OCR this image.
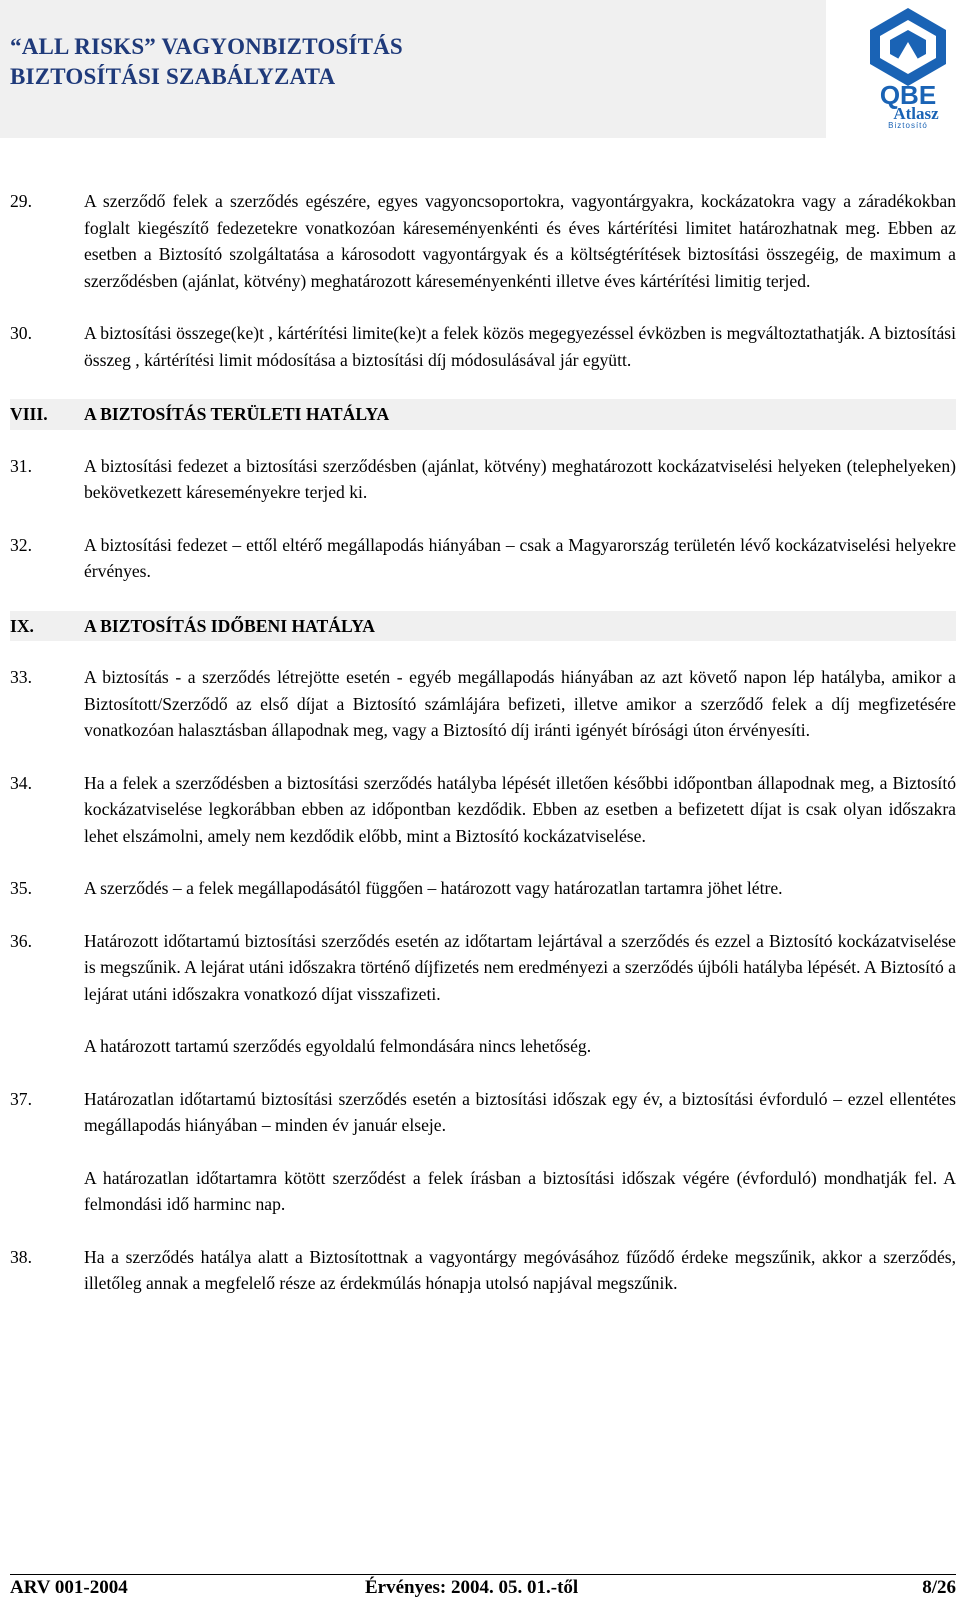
“ALL RISKS” VAGYONBIZTOSÍTÁS
BIZTOSÍTÁSI SZABÁLYZATA
QBE
Atlasz
Biztosító
29.	A szerződő felek a szerződés egészére, egyes vagyoncsoportokra, vagyontárgyakra, kockázatokra vagy a záradékokban foglalt kiegészítő fedezetekre vonatkozóan káreseményenkénti és éves kártérítési limitet határozhatnak meg. Ebben az esetben a Biztosító szolgáltatása a károsodott vagyontárgyak és a költségtérítések biztosítási összegéig, de maximum a szerződésben (ajánlat, kötvény) meghatározott káreseményenkénti illetve éves kártérítési limitig terjed.

30.	A biztosítási összege(ke)t , kártérítési limite(ke)t a felek közös megegyezéssel évközben is megváltoztathatják. A biztosítási összeg , kártérítési limit módosítása a biztosítási díj módosulásával jár együtt.

VIII.	A BIZTOSÍTÁS TERÜLETI HATÁLYA
31.	A biztosítási fedezet a biztosítási szerződésben (ajánlat, kötvény) meghatározott kockázatviselési helyeken (telephelyeken) bekövetkezett káreseményekre terjed ki.

32.	A biztosítási fedezet – ettől eltérő megállapodás hiányában – csak a Magyarország területén lévő kockázatviselési helyekre érvényes.

IX.	A BIZTOSÍTÁS IDŐBENI HATÁLYA
33.	A biztosítás - a szerződés létrejötte esetén - egyéb megállapodás hiányában az azt követő napon lép hatályba, amikor a Biztosított/Szerződő az első díjat a Biztosító számlájára befizeti, illetve amikor a szerződő felek a díj megfizetésére vonatkozóan halasztásban állapodnak meg, vagy a Biztosító díj iránti igényét bírósági úton érvényesíti.

34.	Ha a felek a szerződésben a biztosítási szerződés hatályba lépését illetően későbbi időpontban állapodnak meg, a Biztosító kockázatviselése legkorábban ebben az időpontban kezdődik. Ebben az esetben a befizetett díjat is csak olyan időszakra lehet elszámolni, amely nem kezdődik előbb, mint a Biztosító kockázatviselése.

35.	A szerződés – a felek megállapodásától függően – határozott vagy határozatlan tartamra jöhet létre.

36.	Határozott időtartamú biztosítási szerződés esetén az időtartam lejártával a szerződés és ezzel a Biztosító kockázatviselése is megszűnik. A lejárat utáni időszakra történő díjfizetés nem eredményezi a szerződés újbóli hatályba lépését. A Biztosító a lejárat utáni időszakra vonatkozó díjat visszafizeti.

A határozott tartamú szerződés egyoldalú felmondására nincs lehetőség.

37.	Határozatlan időtartamú biztosítási szerződés esetén a biztosítási időszak egy év, a biztosítási évforduló – ezzel ellentétes megállapodás hiányában – minden év január elseje.

A határozatlan időtartamra kötött szerződést a felek írásban a biztosítási időszak végére (évforduló) mondhatják fel. A felmondási idő harminc nap.

38.	Ha a szerződés hatálya alatt a Biztosítottnak a vagyontárgy megóvásához fűződő érdeke megszűnik, akkor a szerződés, illetőleg annak a megfelelő része az érdekmúlás hónapja utolsó napjával megszűnik.

ARV 001-2004	Érvényes: 2004. 05. 01.-től	8/26
